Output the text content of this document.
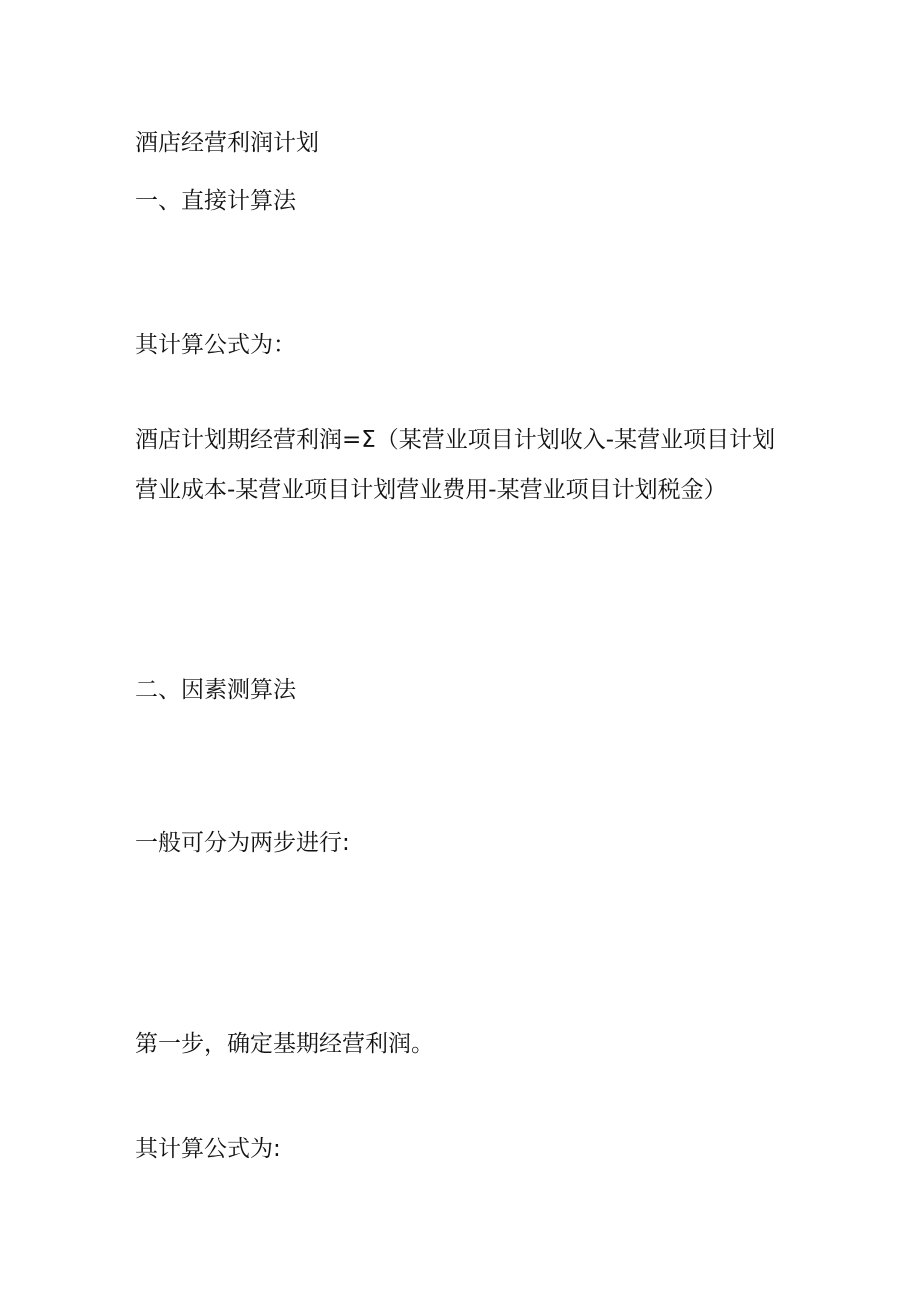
酒店经营利润计划
一、直接计算法
其计算公式为：
酒店计划期经营利润=Σ（某营业项目计划收入-某营业项目计划
营业成本-某营业项目计划营业费用-某营业项目计划税金）
二、因素测算法
一般可分为两步进行:
第一步，确定基期经营利润。
其计算公式为:
